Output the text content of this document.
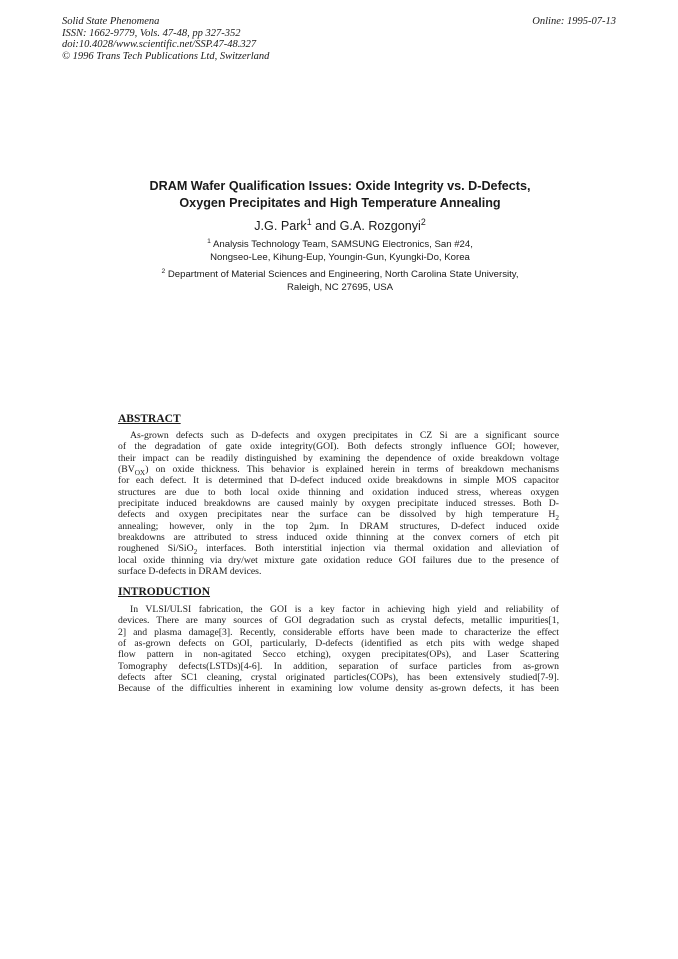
Solid State Phenomena
ISSN: 1662-9779, Vols. 47-48, pp 327-352
doi:10.4028/www.scientific.net/SSP.47-48.327
© 1996 Trans Tech Publications Ltd, Switzerland
Online: 1995-07-13
DRAM Wafer Qualification Issues: Oxide Integrity vs. D-Defects,
Oxygen Precipitates and High Temperature Annealing
J.G. Park$^1$ and G.A. Rozgonyi$^2$
$^1$ Analysis Technology Team, SAMSUNG Electronics, San #24,
Nongseo-Lee, Kihung-Eup, Youngin-Gun, Kyungki-Do, Korea
$^2$ Department of Material Sciences and Engineering, North Carolina State University,
Raleigh, NC 27695, USA
ABSTRACT
As-grown defects such as D-defects and oxygen precipitates in CZ Si are a significant source
of the degradation of gate oxide integrity(GOI). Both defects strongly influence GOI; however,
their impact can be readily distinguished by examining the dependence of oxide breakdown voltage
$(BV_{OX})$ on oxide thickness. This behavior is explained herein in terms of breakdown mechanisms
for each defect. It is determined that D-defect induced oxide breakdowns in simple MOS capacitor
structures are due to both local oxide thinning and oxidation induced stress, whereas oxygen
precipitate induced breakdowns are caused mainly by oxygen precipitate induced stresses. Both D-
defects and oxygen precipitates near the surface can be dissolved by high temperature $H_2$
annealing; however, only in the top 2μm. In DRAM structures, D-defect induced oxide
breakdowns are attributed to stress induced oxide thinning at the convex corners of etch pit
roughened Si/SiO$_2$ interfaces. Both interstitial injection via thermal oxidation and alleviation of
local oxide thinning via dry/wet mixture gate oxidation reduce GOI failures due to the presence of
surface D-defects in DRAM devices.
INTRODUCTION
In VLSI/ULSI fabrication, the GOI is a key factor in achieving high yield and reliability of
devices. There are many sources of GOI degradation such as crystal defects, metallic impurities[1,
2] and plasma damage[3]. Recently, considerable efforts have been made to characterize the effect
of as-grown defects on GOI, particularly, D-defects (identified as etch pits with wedge shaped
flow pattern in non-agitated Secco etching), oxygen precipitates(OPs), and Laser Scattering
Tomography defects(LSTDs)[4-6]. In addition, separation of surface particles from as-grown
defects after SC1 cleaning, crystal originated particles(COPs), has been extensively studied[7-9].
Because of the difficulties inherent in examining low volume density as-grown defects, it has been
